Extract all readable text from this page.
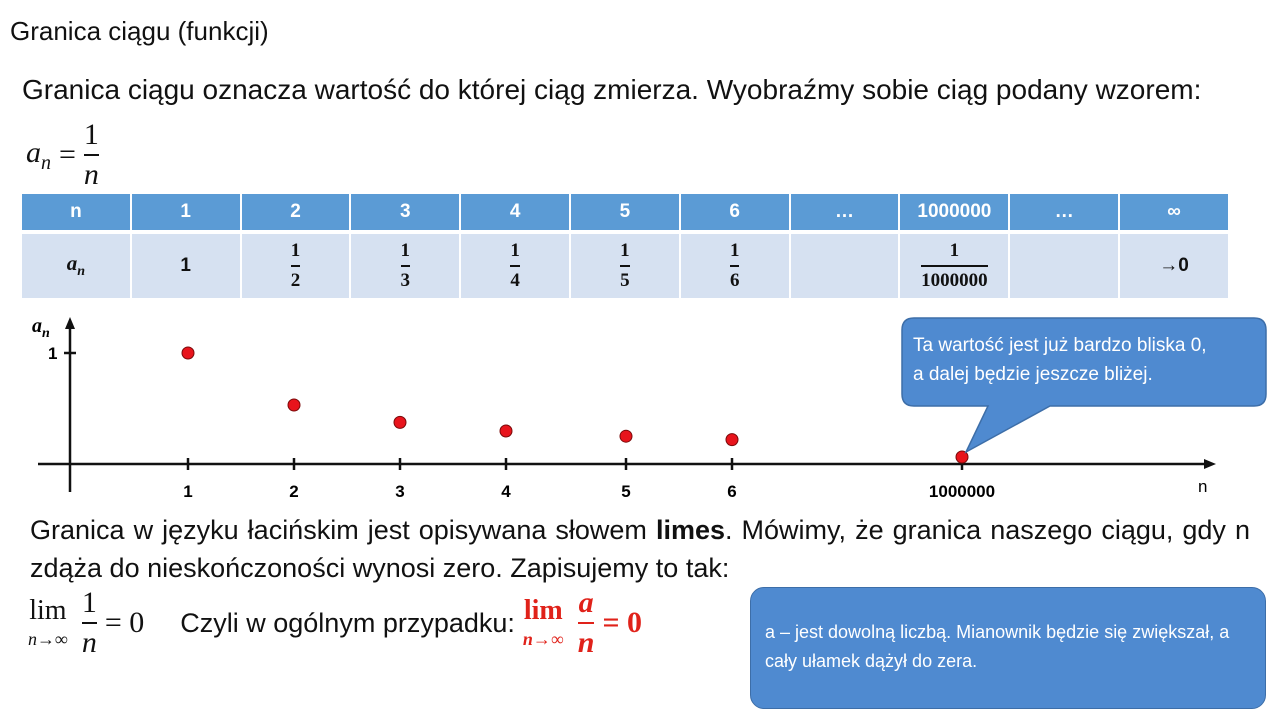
Granica ciągu (funkcji)
Granica ciągu oznacza wartość do której ciąg zmierza. Wyobraźmy sobie ciąg podany wzorem:
$a_n = \frac{1}{n}$
n	1	2	3	4	5	6	…	1000000	…	∞
$a_n$	1	$\frac{1}{2}$	$\frac{1}{3}$	$\frac{1}{4}$	$\frac{1}{5}$	$\frac{1}{6}$		$\frac{1}{1000000}$		→0
1
$a_n$
n
1	2	3	4	5	6	1000000

Ta wartość jest już bardzo bliska 0,
a dalej będzie jeszcze bliżej.

Granica w języku łacińskim jest opisywana słowem limes. Mówimy, że granica naszego ciągu, gdy n zdąża do nieskończoności wynosi zero. Zapisujemy to tak:
lim
n→∞
1
n
= 0 Czyli w ogólnym przypadku: lim
$n\to\infty \frac{a}{n} = 0$	a – jest dowolną liczbą. Mianownik będzie się zwiększał, a cały ułamek dążył do zera.
